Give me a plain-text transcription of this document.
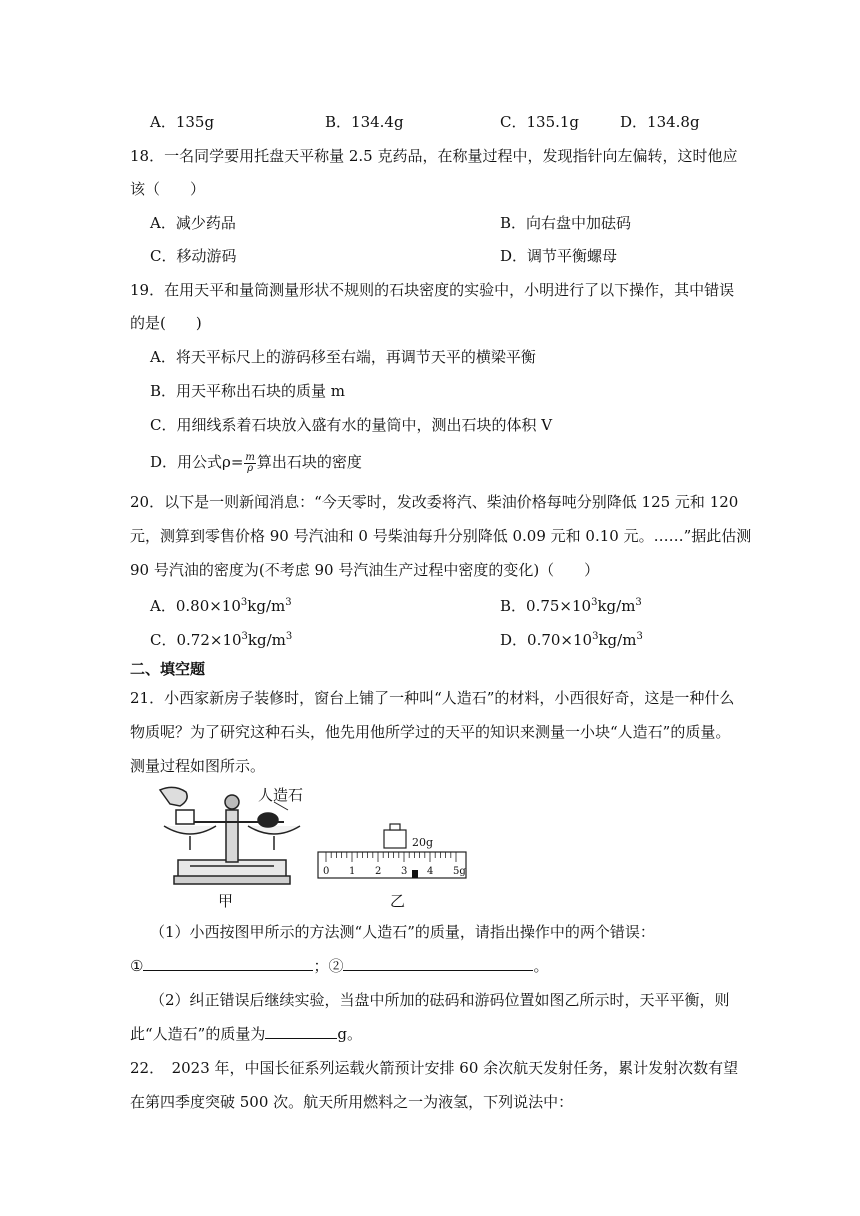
A．135g	B．134.4g	C．135.1g	D．134.8g
18．一名同学要用托盘天平称量 2.5 克药品，在称量过程中，发现指针向左偏转，这时他应
该（　　）
A．减少药品	B．向右盘中加砝码
C．移动游码	D．调节平衡螺母
19．在用天平和量筒测量形状不规则的石块密度的实验中，小明进行了以下操作，其中错误
的是(　　)
A．将天平标尺上的游码移至右端，再调节天平的横梁平衡
B．用天平称出石块的质量 m
C．用细线系着石块放入盛有水的量筒中，测出石块的体积 V
D．用公式$\rho= \frac{m}{\rho}$ 算出石块的密度
20．以下是一则新闻消息：“今天零时，发改委将汽、柴油价格每吨分别降低 125 元和 120
元，测算到零售价格 90 号汽油和 0 号柴油每升分别降低 0.09 元和 0.10 元。……”据此估测
90 号汽油的密度为(不考虑 90 号汽油生产过程中密度的变化)（　　）
A．$0.80\times 10^3kg/m^3$	B．$0.75\times 10^3kg/m^3$
C．$0.72\times 10^3kg/m^3$	D．$0.70\times 10^3kg/m^3$
二、填空题
21．小西家新房子装修时，窗台上铺了一种叫“人造石”的材料，小西很好奇，这是一种什么
物质呢？为了研究这种石头，他先用他所学过的天平的知识来测量一小块“人造石”的质量。
测量过程如图所示。
人造石
甲
20g
0 1 2 3 4 5g
乙
（1）小西按图甲所示的方法测“人造石”的质量，请指出操作中的两个错误：
①	；②	。
（2）纠正错误后继续实验，当盘中所加的砝码和游码位置如图乙所示时，天平平衡，则
此“人造石”的质量为	g。
22．　2023 年，中国长征系列运载火箭预计安排 60 余次航天发射任务，累计发射次数有望
在第四季度突破 500 次。航天所用燃料之一为液氢，下列说法中：
